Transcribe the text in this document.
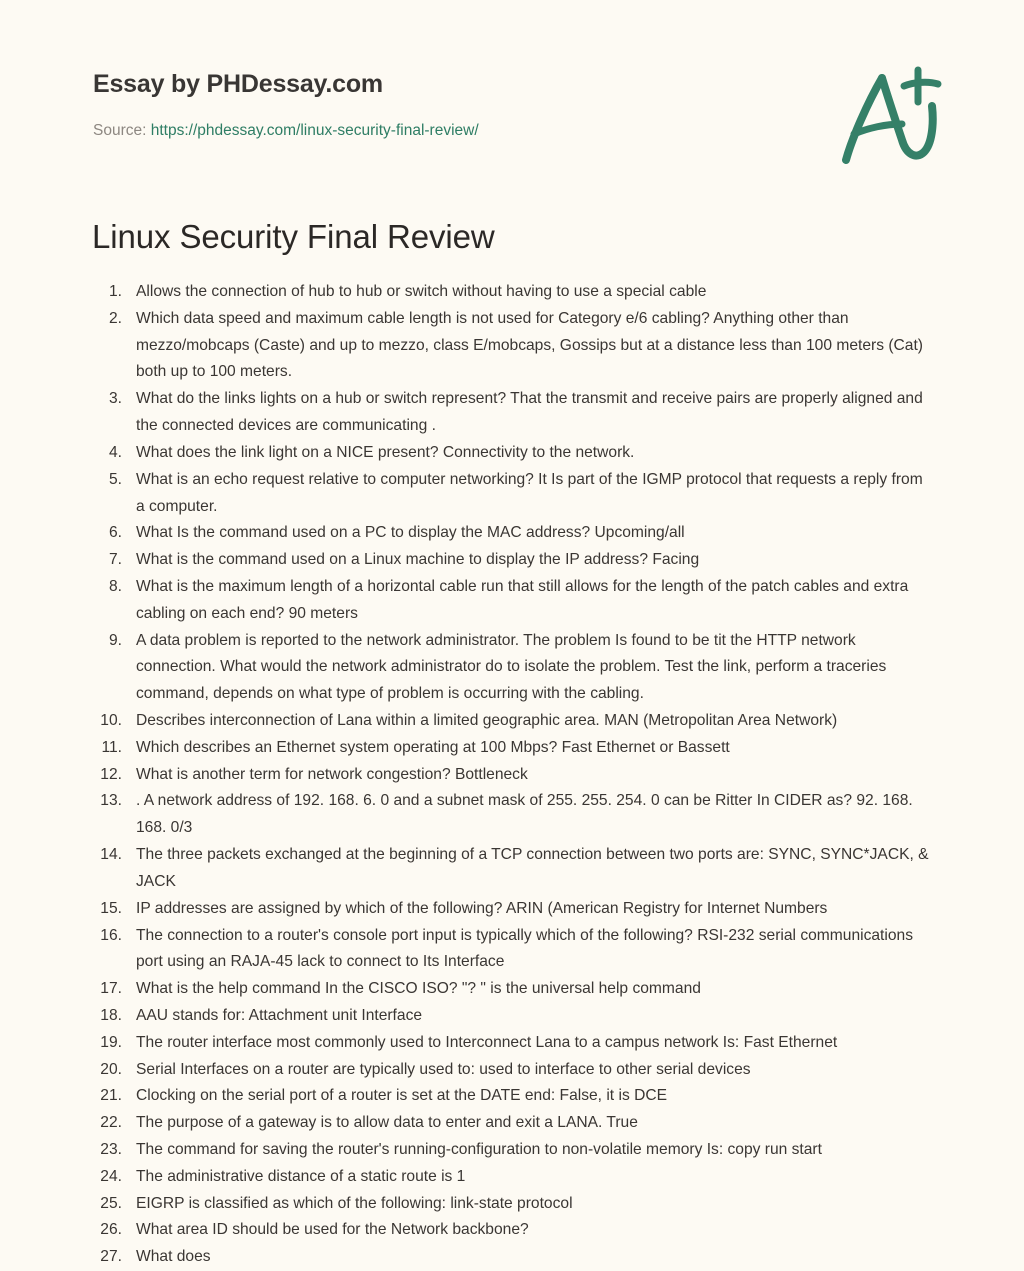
Essay by PHDessay.com
Source: https://phdessay.com/linux-security-final-review/
Linux Security Final Review
Allows the connection of hub to hub or switch without having to use a special cable
Which data speed and maximum cable length is not used for Category e/6 cabling? Anything other than mezzo/mobcaps (Caste) and up to mezzo, class E/mobcaps, Gossips but at a distance less than 100 meters (Cat) both up to 100 meters.
What do the links lights on a hub or switch represent? That the transmit and receive pairs are properly aligned and the connected devices are communicating .
What does the link light on a NICE present? Connectivity to the network.
What is an echo request relative to computer networking? It Is part of the IGMP protocol that requests a reply from a computer.
What Is the command used on a PC to display the MAC address? Upcoming/all
What is the command used on a Linux machine to display the IP address? Facing
What is the maximum length of a horizontal cable run that still allows for the length of the patch cables and extra cabling on each end? 90 meters
A data problem is reported to the network administrator. The problem Is found to be tit the HTTP network connection. What would the network administrator do to isolate the problem. Test the link, perform a traceries command, depends on what type of problem is occurring with the cabling.
Describes interconnection of Lana within a limited geographic area. MAN (Metropolitan Area Network)
Which describes an Ethernet system operating at 100 Mbps? Fast Ethernet or Bassett
What is another term for network congestion? Bottleneck
. A network address of 192. 168. 6. 0 and a subnet mask of 255. 255. 254. 0 can be Ritter In CIDER as? 92. 168. 168. 0/3
The three packets exchanged at the beginning of a TCP connection between two ports are: SYNC, SYNC*JACK, & JACK
IP addresses are assigned by which of the following? ARIN (American Registry for Internet Numbers
The connection to a router's console port input is typically which of the following? RSI-232 serial communications port using an RAJA-45 lack to connect to Its Interface
What is the help command In the CISCO ISO? "? " is the universal help command
AAU stands for: Attachment unit Interface
The router interface most commonly used to Interconnect Lana to a campus network Is: Fast Ethernet
Serial Interfaces on a router are typically used to: used to interface to other serial devices
Clocking on the serial port of a router is set at the DATE end: False, it is DCE
The purpose of a gateway is to allow data to enter and exit a LANA. True
The command for saving the router's running-configuration to non-volatile memory Is: copy run start
The administrative distance of a static route is 1
EIGRP is classified as which of the following: link-state protocol
What area ID should be used for the Network backbone?
What does
